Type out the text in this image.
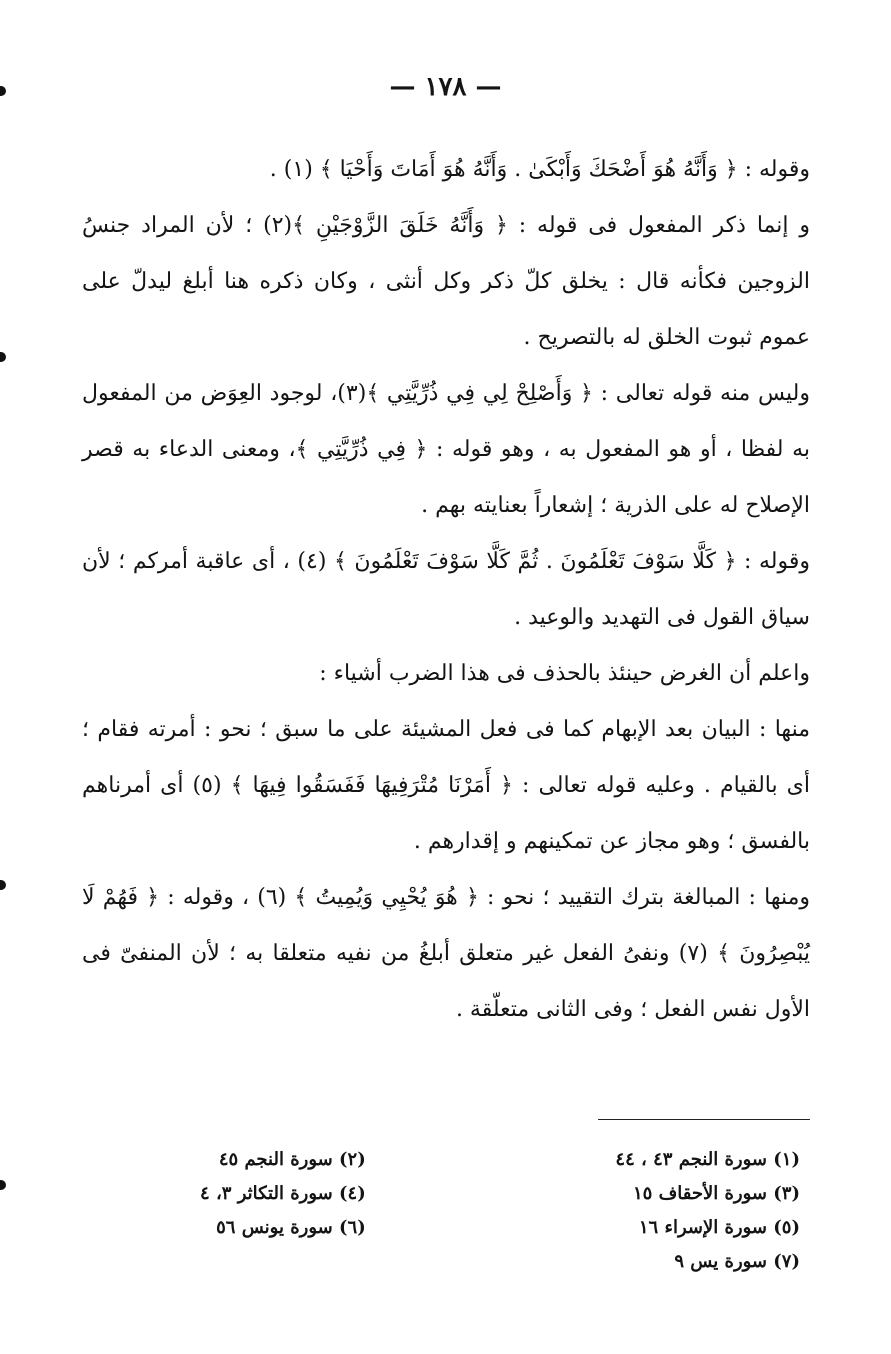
— ١٧٨ —

وقوله : ﴿ وَأَنَّهُ هُوَ أَضْحَكَ وَأَبْكَىٰ . وَأَنَّهُ هُوَ أَمَاتَ وَأَحْيَا ﴾ (١) .

و إنما ذكر المفعول فى قوله : ﴿ وَأَنَّهُ خَلَقَ الزَّوْجَيْنِ ﴾(٢) ؛ لأن المراد جنسُ الزوجين فكأنه قال : يخلق كلّ ذكر وكل أنثى ، وكان ذكره هنا أبلغ ليدلّ على عموم ثبوت الخلق له بالتصريح .

وليس منه قوله تعالى : ﴿ وَأَصْلِحْ لِي فِي ذُرِّيَّتِي ﴾(٣)، لوجود العِوَض من المفعول به لفظا ، أو هو المفعول به ، وهو قوله : ﴿ فِي ذُرِّيَّتِي ﴾، ومعنى الدعاء به قصر الإصلاح له على الذرية ؛ إشعاراً بعنايته بهم .

وقوله : ﴿ كَلَّا سَوْفَ تَعْلَمُونَ . ثُمَّ كَلَّا سَوْفَ تَعْلَمُونَ ﴾ (٤) ، أى عاقبة أمركم ؛ لأن سياق القول فى التهديد والوعيد .

واعلم أن الغرض حينئذ بالحذف فى هذا الضرب أشياء :

منها : البيان بعد الإبهام كما فى فعل المشيئة على ما سبق ؛ نحو : أمرته فقام ؛ أى بالقيام . وعليه قوله تعالى : ﴿ أَمَرْنَا مُتْرَفِيهَا فَفَسَقُوا فِيهَا ﴾ (٥) أى أمرناهم بالفسق ؛ وهو مجاز عن تمكينهم و إقدارهم .

ومنها : المبالغة بترك التقييد ؛ نحو : ﴿ هُوَ يُحْيِي وَيُمِيتُ ﴾ (٦) ، وقوله : ﴿ فَهُمْ لَا يُبْصِرُونَ ﴾ (٧) ونفىُ الفعل غير متعلق أبلغُ من نفيه متعلقا به ؛ لأن المنفىّ فى الأول نفس الفعل ؛ وفى الثانى متعلّقة .

(١) سورة النجم ٤٣ ، ٤٤
(٣) سورة الأحقاف ١٥
(٥) سورة الإسراء ١٦
(٧) سورة يس ٩
(٢) سورة النجم ٤٥
(٤) سورة التكاثر ٣، ٤
(٦) سورة يونس ٥٦
